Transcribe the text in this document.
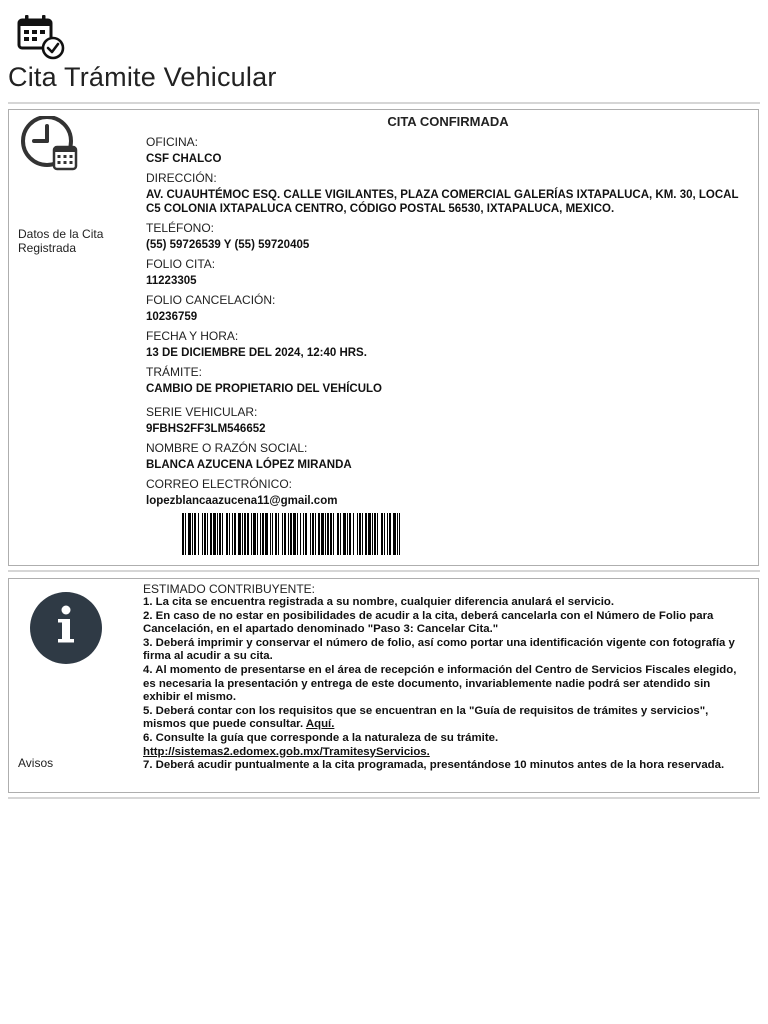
Cita Trámite Vehicular
Datos de la Cita Registrada
CITA CONFIRMADA
OFICINA:
CSF CHALCO
DIRECCIÓN:
AV. CUAUHTÉMOC ESQ. CALLE VIGILANTES, PLAZA COMERCIAL GALERÍAS IXTAPALUCA, KM. 30, LOCAL C5 COLONIA IXTAPALUCA CENTRO, CÓDIGO POSTAL 56530, IXTAPALUCA, MEXICO.
TELÉFONO:
(55) 59726539 Y (55) 59720405
FOLIO CITA:
11223305
FOLIO CANCELACIÓN:
10236759
FECHA Y HORA:
13 DE DICIEMBRE DEL 2024, 12:40 HRS.
TRÁMITE:
CAMBIO DE PROPIETARIO DEL VEHÍCULO
SERIE VEHICULAR:
9FBHS2FF3LM546652
NOMBRE O RAZÓN SOCIAL:
BLANCA AZUCENA LÓPEZ MIRANDA
CORREO ELECTRÓNICO:
lopezblancaazucena11@gmail.com
Avisos
ESTIMADO CONTRIBUYENTE:
1. La cita se encuentra registrada a su nombre, cualquier diferencia anulará el servicio.
2. En caso de no estar en posibilidades de acudir a la cita, deberá cancelarla con el Número de Folio para Cancelación, en el apartado denominado "Paso 3: Cancelar Cita."
3. Deberá imprimir y conservar el número de folio, así como portar una identificación vigente con fotografía y firma al acudir a su cita.
4. Al momento de presentarse en el área de recepción e información del Centro de Servicios Fiscales elegido, es necesaria la presentación y entrega de este documento, invariablemente nadie podrá ser atendido sin exhibir el mismo.
5. Deberá contar con los requisitos que se encuentran en la "Guía de requisitos de trámites y servicios", mismos que puede consultar. Aquí.
6. Consulte la guía que corresponde a la naturaleza de su trámite.
http://sistemas2.edomex.gob.mx/TramitesyServicios.
7. Deberá acudir puntualmente a la cita programada, presentándose 10 minutos antes de la hora reservada.
